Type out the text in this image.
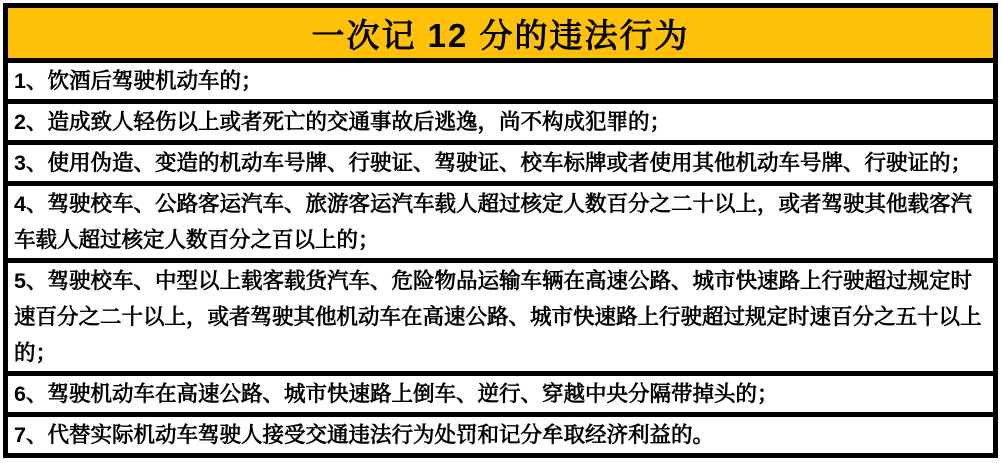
一次记 12 分的违法行为
1、饮酒后驾驶机动车的；
2、造成致人轻伤以上或者死亡的交通事故后逃逸，尚不构成犯罪的；
3、使用伪造、变造的机动车号牌、行驶证、驾驶证、校车标牌或者使用其他机动车号牌、行驶证的；
4、驾驶校车、公路客运汽车、旅游客运汽车载人超过核定人数百分之二十以上，或者驾驶其他载客汽车载人超过核定人数百分之百以上的；
5、驾驶校车、中型以上载客载货汽车、危险物品运输车辆在高速公路、城市快速路上行驶超过规定时速百分之二十以上，或者驾驶其他机动车在高速公路、城市快速路上行驶超过规定时速百分之五十以上的；
6、驾驶机动车在高速公路、城市快速路上倒车、逆行、穿越中央分隔带掉头的；
7、代替实际机动车驾驶人接受交通违法行为处罚和记分牟取经济利益的。
